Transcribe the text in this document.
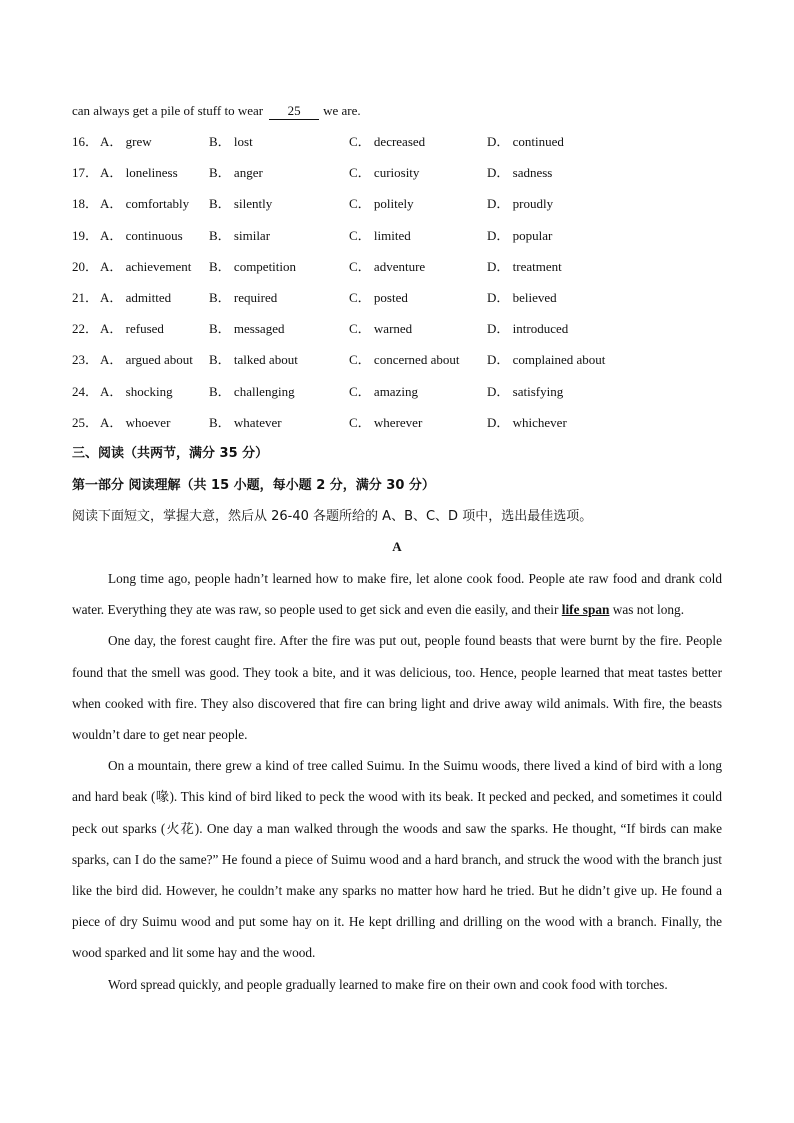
can always get a pile of stuff to wear 25 we are.
16． A． grew	B． lost	C． decreased	D． continued
17． A． loneliness B． anger	C． curiosity	D． sadness
18． A． comfortably B． silently	C． politely	D． proudly
19． A． continuous B． similar	C． limited	D． popular
20． A． achievement B． competition	C． adventure	D． treatment
21． A． admitted	B． required	C． posted	D． believed
22． A． refused	B． messaged	C． warned	D． introduced
23． A． argued about B． talked about	C． concerned about D． complained about
24． A． shocking	B． challenging	C． amazing	D． satisfying
25． A． whoever	B． whatever	C． wherever	D． whichever
三、阅读（共两节，满分 35 分）
第一部分 阅读理解（共 15 小题，每小题 2 分，满分 30 分）
阅读下面短文，掌握大意，然后从 26-40 各题所给的 A、B、C、D 项中，选出最佳选项。
A

Long time ago, people hadn’t learned how to make fire, let alone cook food. People ate raw food and drank cold water. Everything they ate was raw, so people used to get sick and even die easily, and their life span was not long.

One day, the forest caught fire. After the fire was put out, people found beasts that were burnt by the fire. People found that the smell was good. They took a bite, and it was delicious, too. Hence, people learned that meat tastes better when cooked with fire. They also discovered that fire can bring light and drive away wild animals. With fire, the beasts wouldn’t dare to get near people.

On a mountain, there grew a kind of tree called Suimu. In the Suimu woods, there lived a kind of bird with a long and hard beak (喙). This kind of bird liked to peck the wood with its beak. It pecked and pecked, and sometimes it could peck out sparks (火花). One day a man walked through the woods and saw the sparks. He thought, “If birds can make sparks, can I do the same?” He found a piece of Suimu wood and a hard branch, and struck the wood with the branch just like the bird did. However, he couldn’t make any sparks no matter how hard he tried. But he didn’t give up. He found a piece of dry Suimu wood and put some hay on it. He kept drilling and drilling on the wood with a branch. Finally, the wood sparked and lit some hay and the wood.

Word spread quickly, and people gradually learned to make fire on their own and cook food with torches.
